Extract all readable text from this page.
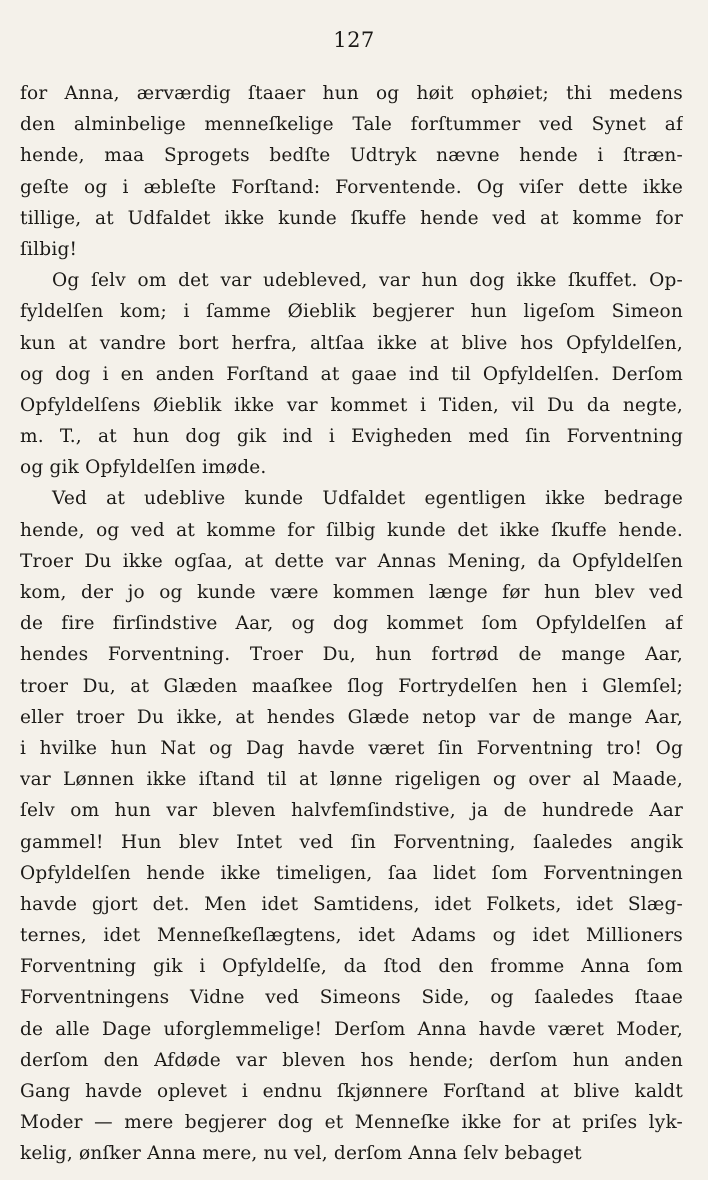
127
for Anna, ærværdig ſtaaer hun og høit ophøiet; thi medens
den alminbelige menneſkelige Tale forſtummer ved Synet af
hende, maa Sprogets bedſte Udtryk nævne hende i ſtræn-
geſte og i æbleſte Forſtand: Forventende. Og viſer dette ikke
tillige, at Udfaldet ikke kunde ſkuffe hende ved at komme for
ſilbig!
Og ſelv om det var udebleved, var hun dog ikke ſkuffet. Op-
fyldelſen kom; i ſamme Øieblik begjerer hun ligeſom Simeon
kun at vandre bort herfra, altſaa ikke at blive hos Opfyldelſen,
og dog i en anden Forſtand at gaae ind til Opfyldelſen. Derſom
Opfyldelſens Øieblik ikke var kommet i Tiden, vil Du da negte,
m. T., at hun dog gik ind i Evigheden med ſin Forventning
og gik Opfyldelſen imøde.
Ved at udeblive kunde Udfaldet egentligen ikke bedrage
hende, og ved at komme for ſilbig kunde det ikke ſkuffe hende.
Troer Du ikke ogſaa, at dette var Annas Mening, da Opfyldelſen
kom, der jo og kunde være kommen længe før hun blev ved
de fire firſindstive Aar, og dog kommet ſom Opfyldelſen af
hendes Forventning. Troer Du, hun fortrød de mange Aar,
troer Du, at Glæden maaſkee ſlog Fortrydelſen hen i Glemſel;
eller troer Du ikke, at hendes Glæde netop var de mange Aar,
i hvilke hun Nat og Dag havde været ſin Forventning tro! Og
var Lønnen ikke iſtand til at lønne rigeligen og over al Maade,
ſelv om hun var bleven halvfemſindstive, ja de hundrede Aar
gammel! Hun blev Intet ved ſin Forventning, ſaaledes angik
Opfyldelſen hende ikke timeligen, ſaa lidet ſom Forventningen
havde gjort det. Men idet Samtidens, idet Folkets, idet Slæg-
ternes, idet Menneſkeſlægtens, idet Adams og idet Millioners
Forventning gik i Opfyldelſe, da ſtod den fromme Anna ſom
Forventningens Vidne ved Simeons Side, og ſaaledes ſtaae
de alle Dage uforglemmelige! Derſom Anna havde været Moder,
derſom den Afdøde var bleven hos hende; derſom hun anden
Gang havde oplevet i endnu ſkjønnere Forſtand at blive kaldt
Moder — mere begjerer dog et Menneſke ikke for at priſes lyk-
kelig, ønſker Anna mere, nu vel, derſom Anna ſelv bebaget
